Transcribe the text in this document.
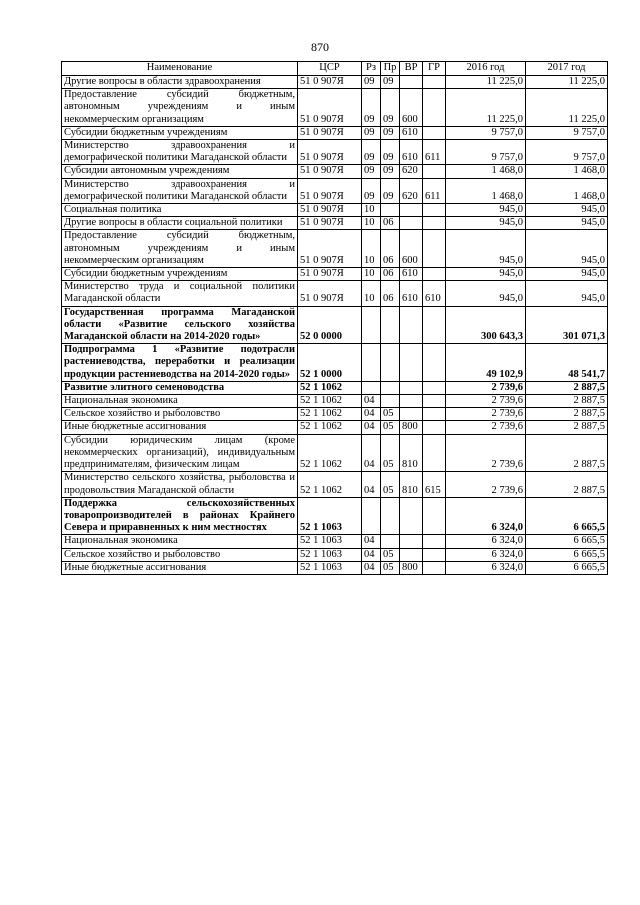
870
Наименование	ЦСР	Рз	Пр	ВР	ГР	2016 год	2017 год
Другие вопросы в области здравоохранения	51 0 907Я	09	09			11 225,0	11 225,0
Предоставление субсидий бюджетным, автономным учреждениям и иным некоммерческим организациям	51 0 907Я	09	09	600		11 225,0	11 225,0
Субсидии бюджетным учреждениям	51 0 907Я	09	09	610		9 757,0	9 757,0
Министерство здравоохранения и демографической политики Магаданской области	51 0 907Я	09	09	610	611	9 757,0	9 757,0
Субсидии автономным учреждениям	51 0 907Я	09	09	620		1 468,0	1 468,0
Министерство здравоохранения и демографической политики Магаданской области	51 0 907Я	09	09	620	611	1 468,0	1 468,0
Социальная политика	51 0 907Я	10				945,0	945,0
Другие вопросы в области социальной политики	51 0 907Я	10	06			945,0	945,0
Предоставление субсидий бюджетным, автономным учреждениям и иным некоммерческим организациям	51 0 907Я	10	06	600		945,0	945,0
Субсидии бюджетным учреждениям	51 0 907Я	10	06	610		945,0	945,0
Министерство труда и социальной политики Магаданской области	51 0 907Я	10	06	610	610	945,0	945,0
Государственная программа Магаданской области «Развитие сельского хозяйства Магаданской области на 2014-2020 годы»	52 0 0000					300 643,3	301 071,3
Подпрограмма 1 «Развитие подотрасли растениеводства, переработки и реализации продукции растениеводства на 2014-2020 годы»	52 1 0000					49 102,9	48 541,7
Развитие элитного семеноводства	52 1 1062					2 739,6	2 887,5
Национальная экономика	52 1 1062	04				2 739,6	2 887,5
Сельское хозяйство и рыболовство	52 1 1062	04	05			2 739,6	2 887,5
Иные бюджетные ассигнования	52 1 1062	04	05	800		2 739,6	2 887,5
Субсидии юридическим лицам (кроме некоммерческих организаций), индивидуальным предпринимателям, физическим лицам	52 1 1062	04	05	810		2 739,6	2 887,5
Министерство сельского хозяйства, рыболовства и продовольствия Магаданской области	52 1 1062	04	05	810	615	2 739,6	2 887,5
Поддержка сельскохозяйственных товаропроизводителей в районах Крайнего Севера и приравненных к ним местностях	52 1 1063					6 324,0	6 665,5
Национальная экономика	52 1 1063	04				6 324,0	6 665,5
Сельское хозяйство и рыболовство	52 1 1063	04	05			6 324,0	6 665,5
Иные бюджетные ассигнования	52 1 1063	04	05	800		6 324,0	6 665,5
